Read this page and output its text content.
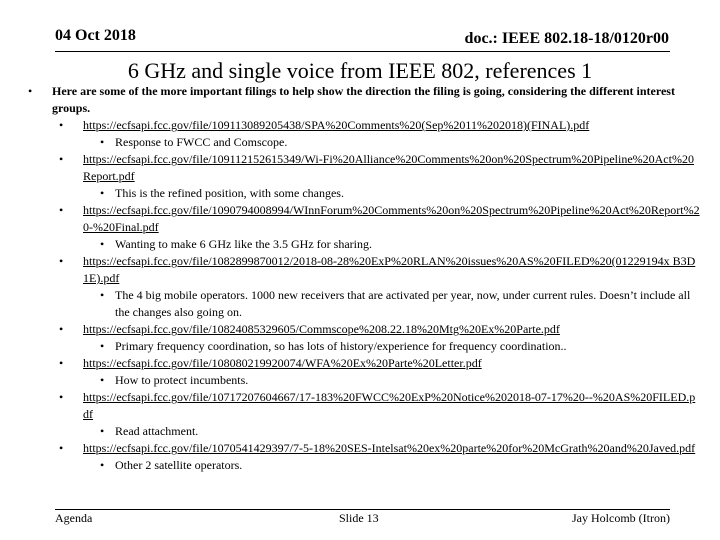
04 Oct 2018	doc.: IEEE 802.18-18/0120r00
6 GHz and single voice from IEEE 802, references 1
• Here are some of the more important filings to help show the direction the filing is going, considering the different interest groups.
• https://ecfsapi.fcc.gov/file/109113089205438/SPA%20Comments%20(Sep%2011%202018)(FINAL).pdf
• Response to FWCC and Comscope.
• https://ecfsapi.fcc.gov/file/10911215261534​9/Wi-Fi%20Alliance%20Comments%20on%20Spectrum%20Pipeline%20Act%20Report.pdf
• This is the refined position, with some changes.
• https://ecfsapi.fcc.gov/file/1090794008994/WInnForum%20Comments%20on%20Spectrum%20Pipeline%20Act%20Report%20-%20Final.pdf
• Wanting to make 6 GHz like the 3.5 GHz for sharing.
• https://ecfsapi.fcc.gov/file/1082899870012/2018-08-28%20ExP%20RLAN%20issues%20AS%20FILED%20(01229194x B3D1E).pdf
• The 4 big mobile operators. 1000 new receivers that are activated per year, now, under current rules. Doesn’t include all the changes also going on.
• https://ecfsapi.fcc.gov/file/10824085329605/Commscope%208.22.18%20Mtg%20Ex%20Parte.pdf
• Primary frequency coordination, so has lots of history/experience for frequency coordination..
• https://ecfsapi.fcc.gov/file/108080219920074/WFA%20Ex%20Parte%20Letter.pdf
• How to protect incumbents.
• https://ecfsapi.fcc.gov/file/10717207604667/17-183%20FWCC%20ExP%20Notice%202018-07-17%20--%20AS%20FILED.pdf
• Read attachment.
• https://ecfsapi.fcc.gov/file/1070541429397/7-5-18%20SES-Intelsat%20ex%20parte%20for%20McGrath%20and%20Javed.pdf
• Other 2 satellite operators.
Agenda	Slide 13	Jay Holcomb (Itron)
